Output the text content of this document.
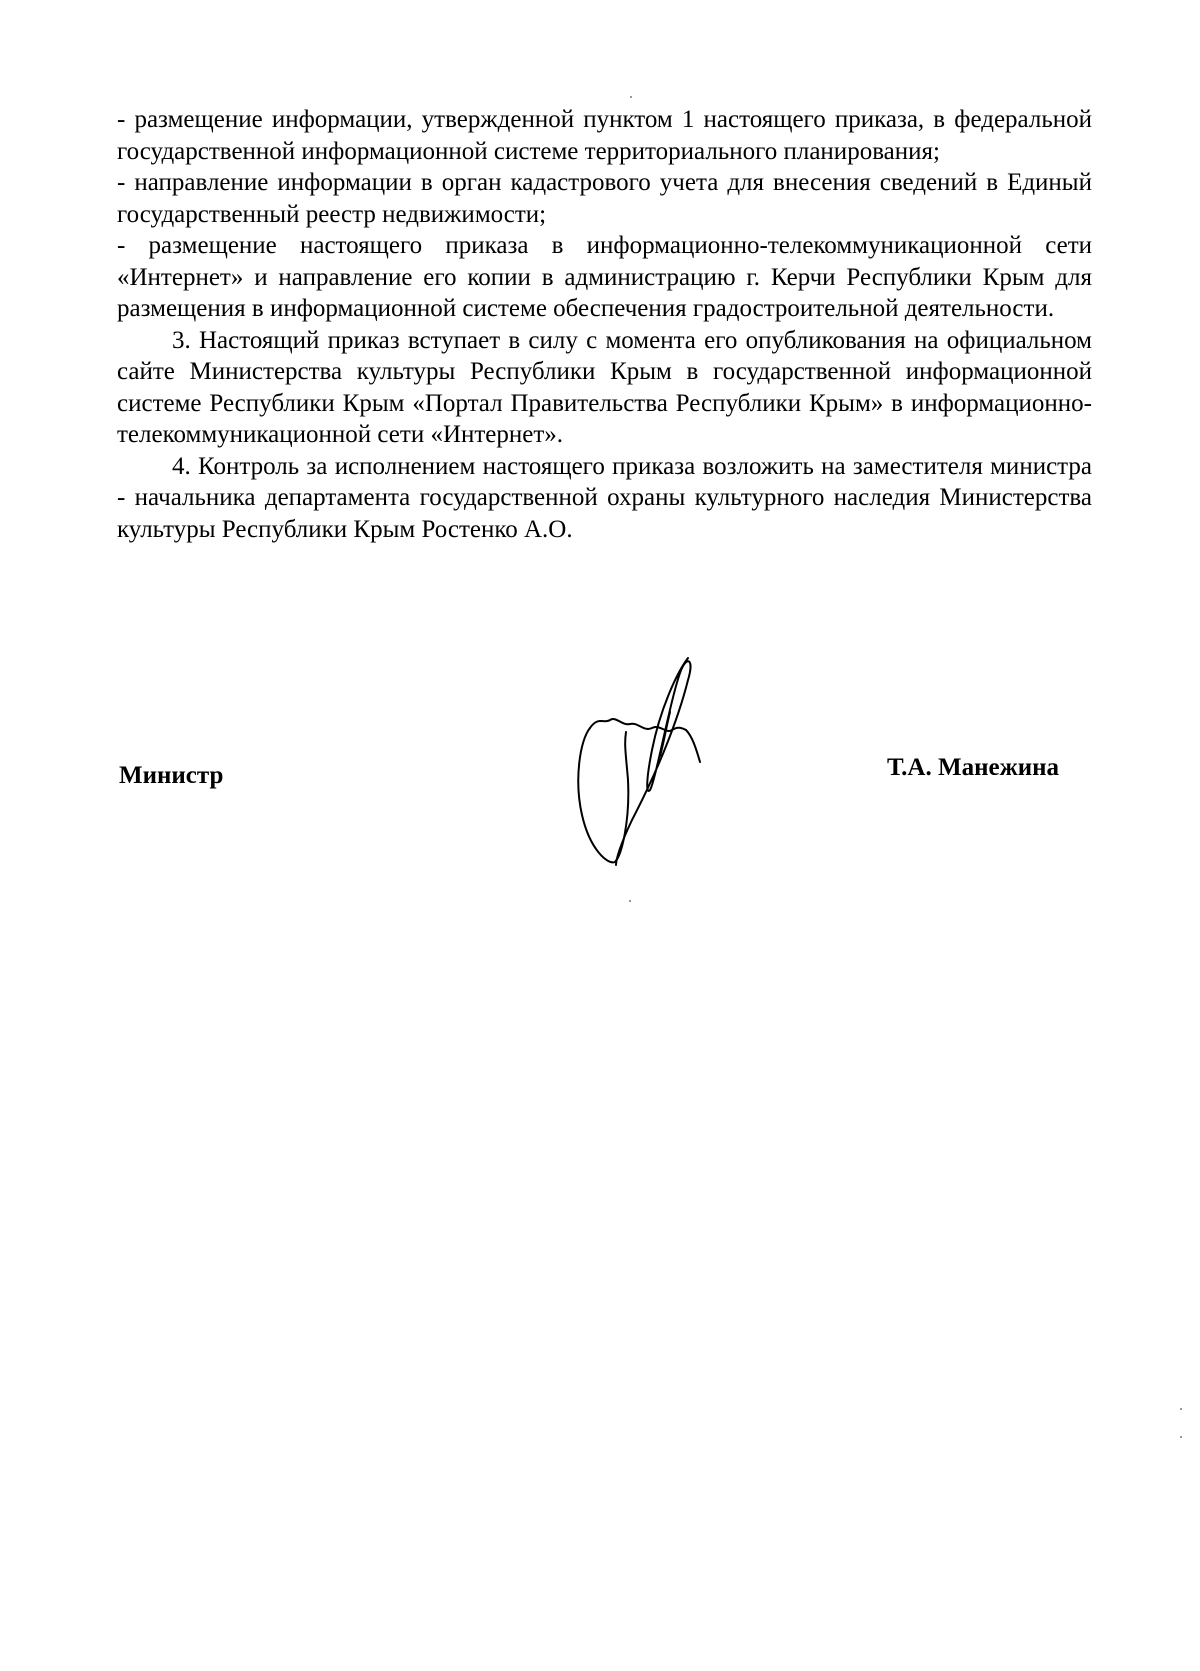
- размещение информации, утвержденной пунктом 1 настоящего приказа, в федеральной государственной информационной системе территориального планирования;

- направление информации в орган кадастрового учета для внесения сведений в Единый государственный реестр недвижимости;

- размещение настоящего приказа в информационно-телекоммуникационной сети «Интернет» и направление его копии в администрацию г. Керчи Республики Крым для размещения в информационной системе обеспечения градостроительной деятельности.

3. Настоящий приказ вступает в силу с момента его опубликования на официальном сайте Министерства культуры Республики Крым в государственной информационной системе Республики Крым «Портал Правительства Республики Крым» в информационно-телекоммуникационной сети «Интернет».

4. Контроль за исполнением настоящего приказа возложить на заместителя министра - начальника департамента государственной охраны культурного наследия Министерства культуры Республики Крым Ростенко А.О.

Министр	Т.А. Манежина
